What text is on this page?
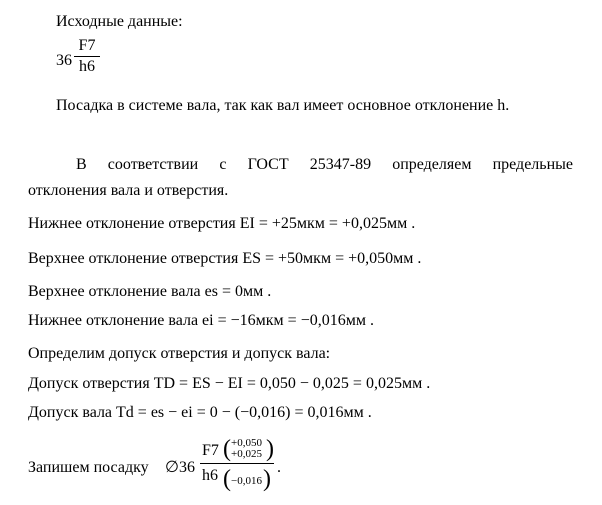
Исходные данные:
36
F7
h6
Посадка в системе вала, так как вал имеет основное отклонение h.
В соответствии с ГОСТ 25347-89 определяем предельные
отклонения вала и отверстия.
Нижнее отклонение отверстия EI = +25мкм = +0,025мм .
Верхнее отклонение отверстия ES = +50мкм = +0,050мм .
Верхнее отклонение вала es = 0мм .
Нижнее отклонение вала ei = −16мкм = −0,016мм .
Определим допуск отверстия и допуск вала:
Допуск отверстия TD = ES − EI = 0,050 − 0,025 = 0,025мм .
Допуск вала Td = es − ei = 0 − (−0,016) = 0,016мм .
Запишем посадку ∅36
F7 ( +0,050
+0,025 )
h6 ( −0,016 ) .
